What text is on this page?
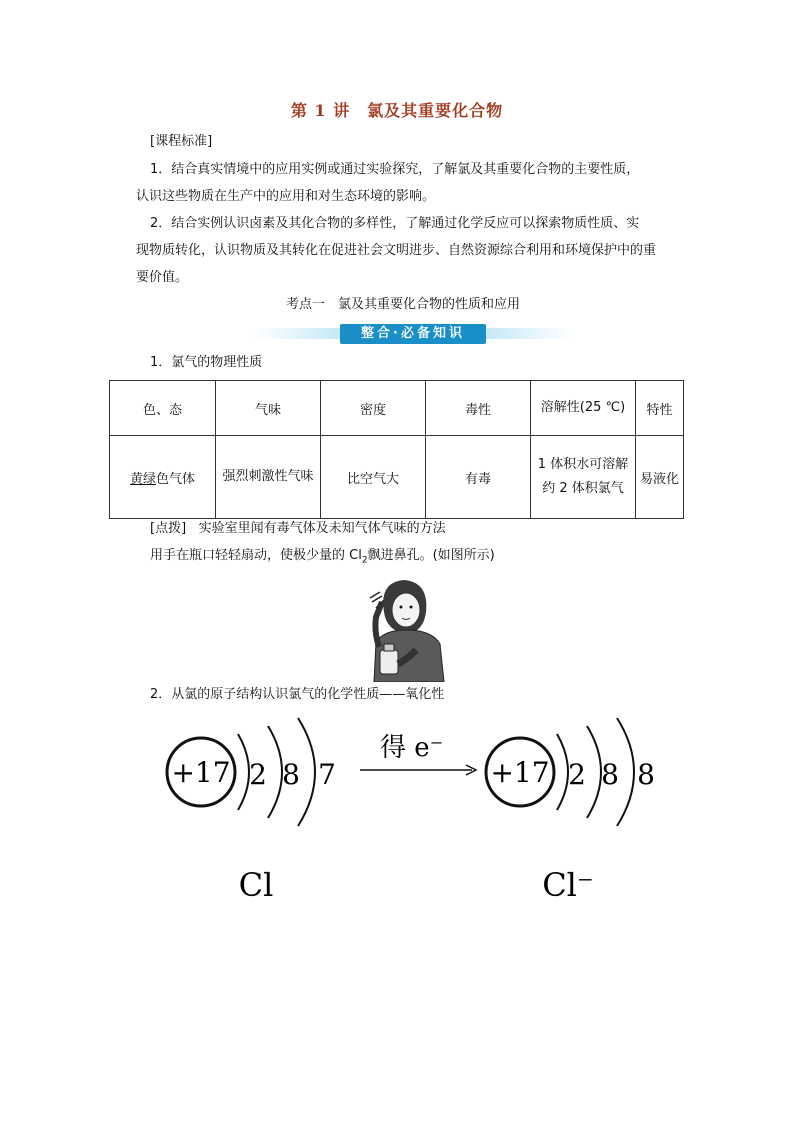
第 1 讲　氯及其重要化合物
[课程标准]
1．结合真实情境中的应用实例或通过实验探究，了解氯及其重要化合物的主要性质，
认识这些物质在生产中的应用和对生态环境的影响。
2．结合实例认识卤素及其化合物的多样性，了解通过化学反应可以探索物质性质、实
现物质转化，认识物质及其转化在促进社会文明进步、自然资源综合利用和环境保护中的重
要价值。
考点一　氯及其重要化合物的性质和应用
整合·必备知识
1．氯气的物理性质
色、态	气味	密度	毒性	溶解性(25 ℃)	特性
黄绿色气体	强烈刺激性气味	比空气大	有毒	1 体积水可溶解约 2 体积氯气	易液化
[点拨] 实验室里闻有毒气体及未知气体气味的方法
用手在瓶口轻轻扇动，使极少量的 $Cl_2$飘进鼻孔。(如图所示)
2．从氯的原子结构认识氯气的化学性质——氧化性
+17 2 8 7
得 e⁻
+17 2 8 8
Cl	Cl⁻
